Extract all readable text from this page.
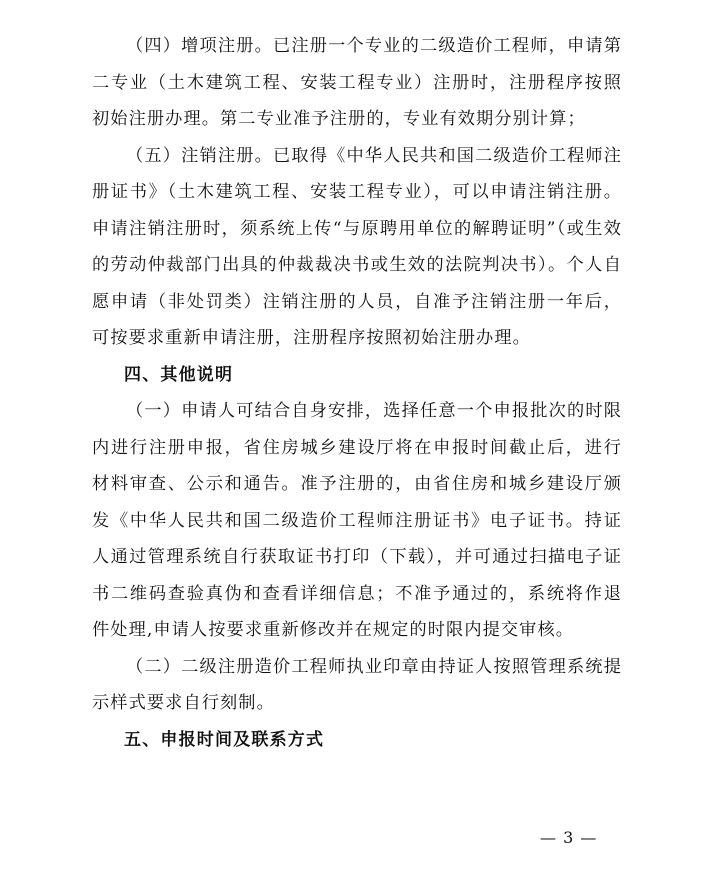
（四）增项注册。已注册一个专业的二级造价工程师，申请第二专业（土木建筑工程、安装工程专业）注册时，注册程序按照初始注册办理。第二专业准予注册的，专业有效期分别计算；

（五）注销注册。已取得《中华人民共和国二级造价工程师注册证书》（土木建筑工程、安装工程专业），可以申请注销注册。申请注销注册时，须系统上传“与原聘用单位的解聘证明”（或生效的劳动仲裁部门出具的仲裁裁决书或生效的法院判决书）。个人自愿申请（非处罚类）注销注册的人员，自准予注销注册一年后，可按要求重新申请注册，注册程序按照初始注册办理。

四、其他说明

（一）申请人可结合自身安排，选择任意一个申报批次的时限内进行注册申报，省住房城乡建设厅将在申报时间截止后，进行材料审查、公示和通告。准予注册的，由省住房和城乡建设厅颁发《中华人民共和国二级造价工程师注册证书》电子证书。持证人通过管理系统自行获取证书打印（下载），并可通过扫描电子证书二维码查验真伪和查看详细信息；不准予通过的，系统将作退件处理,申请人按要求重新修改并在规定的时限内提交审核。

（二）二级注册造价工程师执业印章由持证人按照管理系统提示样式要求自行刻制。

五、申报时间及联系方式
— 3 —
